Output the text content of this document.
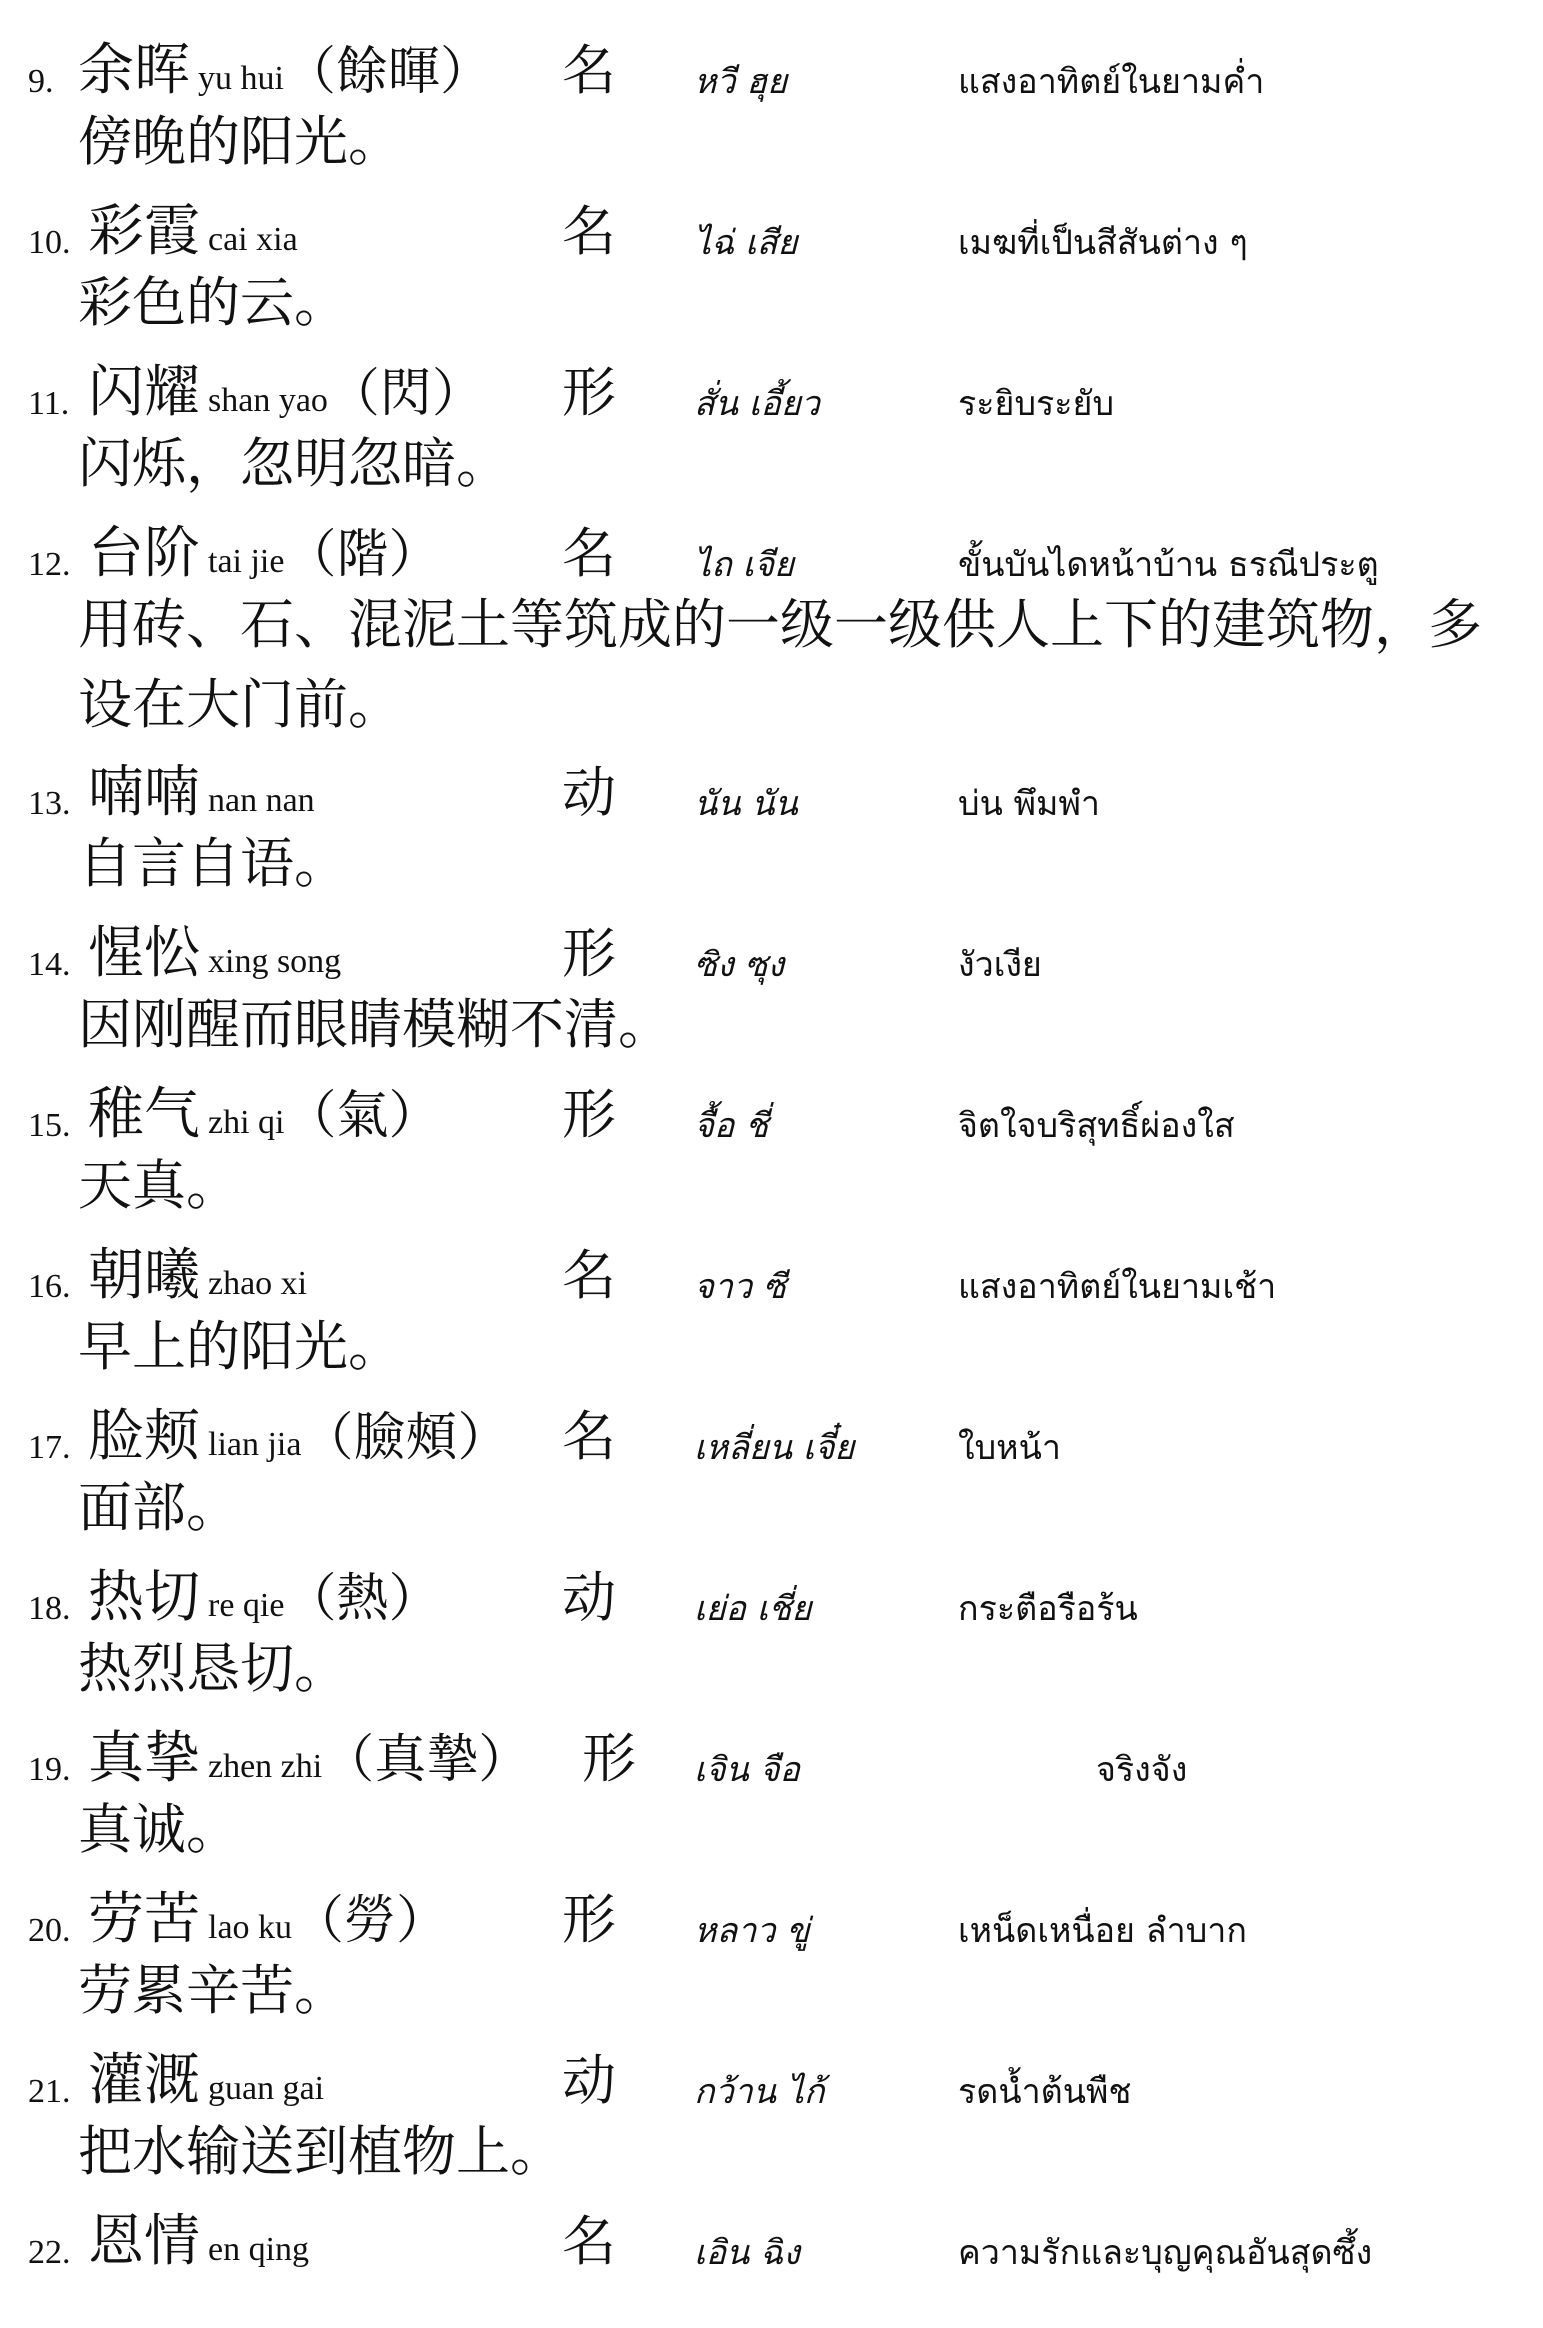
9. 余晖 yu hui（餘暉） 名 หวี ฮุย	แสงอาทิตย์ในยามค่ำ
傍晚的阳光。
10. 彩霞 cai xia	名 ไฉ่ เสีย	เมฆที่เป็นสีสันต่าง ๆ
彩色的云。
11. 闪耀 shan yao（閃） 形 สั่น เอี้ยว	ระยิบระยับ
闪烁，忽明忽暗。
12. 台阶 tai jie（階） 名 ไถ เจีย	ขั้นบันไดหน้าบ้าน ธรณีประตู
用砖、石、混泥土等筑成的一级一级供人上下的建筑物，多设在大门前。
13. 喃喃 nan nan	动 นัน นัน	บ่น พึมพำ
自言自语。
14. 惺忪 xing song	形 ซิง ซุง	งัวเงีย
因刚醒而眼睛模糊不清。
15. 稚气 zhi qi（氣） 形 จื้อ ชี่	จิตใจบริสุทธิ์ผ่องใส
天真。
16. 朝曦 zhao xi	名 จาว ซี	แสงอาทิตย์ในยามเช้า
早上的阳光。
17. 脸颊 lian jia（臉頰） 名 เหลี่ยน เจี๋ย	ใบหน้า
面部。
18. 热切 re qie（熱） 动 เย่อ เชี่ย	กระตือรือร้น
热烈恳切。
19. 真挚 zhen zhi（真摯） 形 เจิน จือ	จริงจัง
真诚。
20. 劳苦 lao ku（勞） 形 หลาว ขู่	เหน็ดเหนื่อย ลำบาก
劳累辛苦。
21. 灌溉 guan gai	动 กว้าน ไก้	รดน้ำต้นพืช
把水输送到植物上。
22. 恩情 en qing	名 เอิน ฉิง	ความรักและบุญคุณอันสุดซึ้ง
